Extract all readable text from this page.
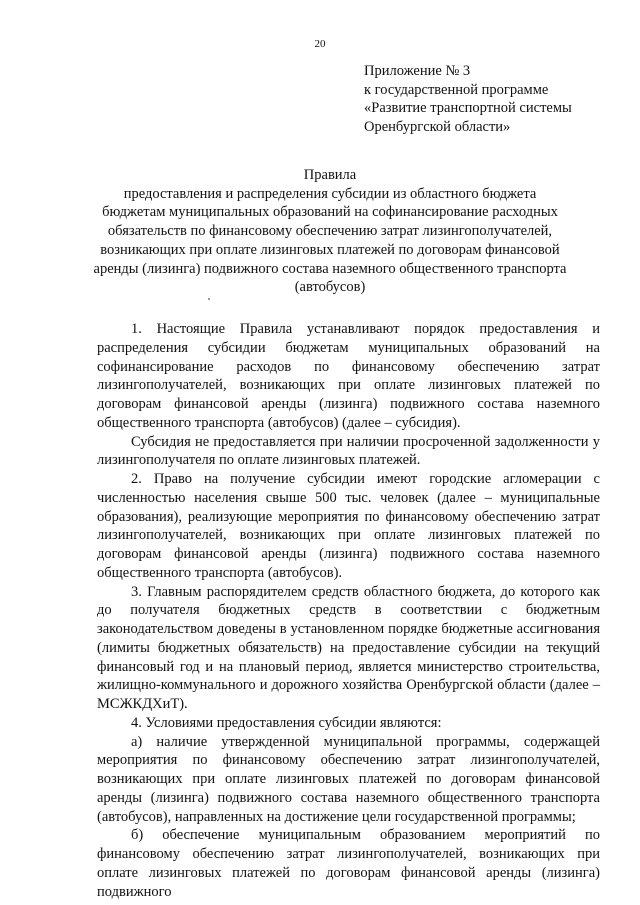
20
Приложение № 3
к государственной программе
«Развитие транспортной системы
Оренбургской области»
Правила
предоставления и распределения субсидии из областного бюджета
бюджетам муниципальных образований на софинансирование расходных
обязательств по финансовому обеспечению затрат лизингополучателей,
возникающих при оплате лизинговых платежей по договорам финансовой
аренды (лизинга) подвижного состава наземного общественного транспорта
(автобусов)

1. Настоящие Правила устанавливают порядок предоставления и распределения субсидии бюджетам муниципальных образований на софинансирование расходов по финансовому обеспечению затрат лизингополучателей, возникающих при оплате лизинговых платежей по договорам финансовой аренды (лизинга) подвижного состава наземного общественного транспорта (автобусов) (далее – субсидия).

Субсидия не предоставляется при наличии просроченной задолженности у лизингополучателя по оплате лизинговых платежей.

2. Право на получение субсидии имеют городские агломерации с численностью населения свыше 500 тыс. человек (далее – муниципальные образования), реализующие мероприятия по финансовому обеспечению затрат лизингополучателей, возникающих при оплате лизинговых платежей по договорам финансовой аренды (лизинга) подвижного состава наземного общественного транспорта (автобусов).

3. Главным распорядителем средств областного бюджета, до которого как до получателя бюджетных средств в соответствии с бюджетным законодательством доведены в установленном порядке бюджетные ассигнования (лимиты бюджетных обязательств) на предоставление субсидии на текущий финансовый год и на плановый период, является министерство строительства, жилищно-коммунального и дорожного хозяйства Оренбургской области (далее – МСЖКДХиТ).

4. Условиями предоставления субсидии являются:

а) наличие утвержденной муниципальной программы, содержащей мероприятия по финансовому обеспечению затрат лизингополучателей, возникающих при оплате лизинговых платежей по договорам финансовой аренды (лизинга) подвижного состава наземного общественного транспорта (автобусов), направленных на достижение цели государственной программы;

б) обеспечение муниципальным образованием мероприятий по финансовому обеспечению затрат лизингополучателей, возникающих при оплате лизинговых платежей по договорам финансовой аренды (лизинга) подвижного
